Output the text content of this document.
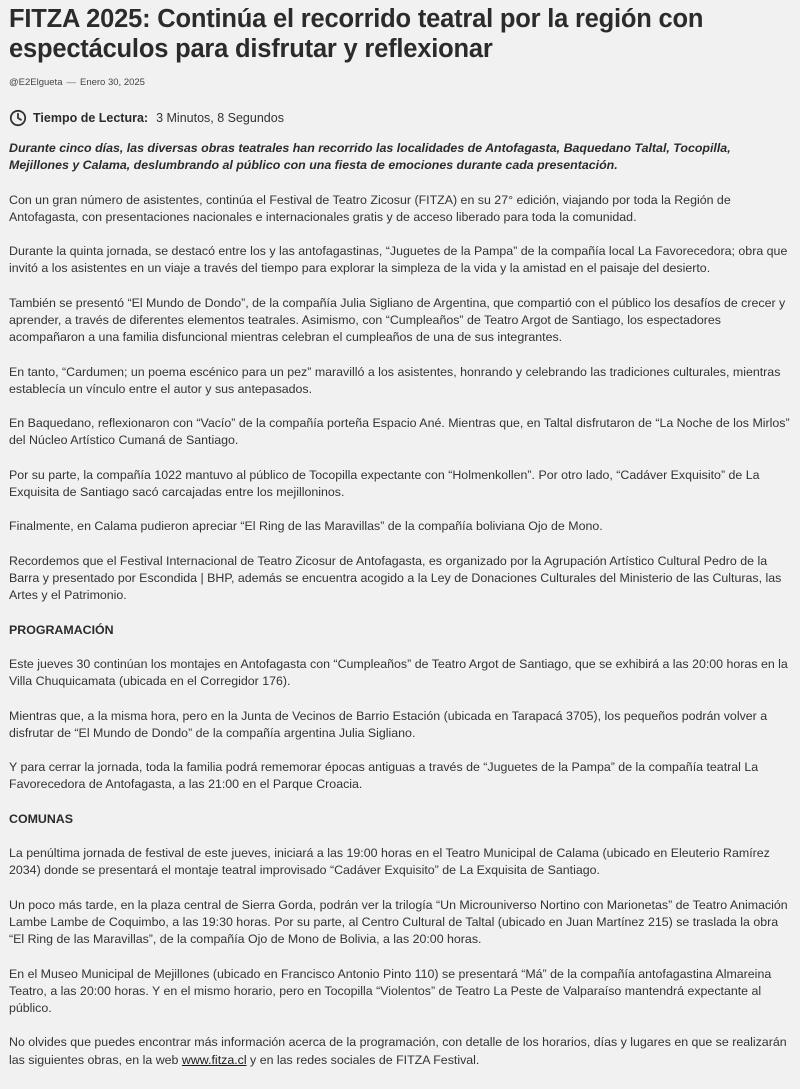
FITZA 2025: Continúa el recorrido teatral por la región con espectáculos para disfrutar y reflexionar
@E2Elgueta — Enero 30, 2025
Tiempo de Lectura: 3 Minutos, 8 Segundos

Durante cinco días, las diversas obras teatrales han recorrido las localidades de Antofagasta, Baquedano Taltal, Tocopilla, Mejillones y Calama, deslumbrando al público con una fiesta de emociones durante cada presentación.

Con un gran número de asistentes, continúa el Festival de Teatro Zicosur (FITZA) en su 27° edición, viajando por toda la Región de Antofagasta, con presentaciones nacionales e internacionales gratis y de acceso liberado para toda la comunidad.

Durante la quinta jornada, se destacó entre los y las antofagastinas, “Juguetes de la Pampa” de la compañía local La Favorecedora; obra que invitó a los asistentes en un viaje a través del tiempo para explorar la simpleza de la vida y la amistad en el paisaje del desierto.

También se presentó “El Mundo de Dondo”, de la compañía Julia Sigliano de Argentina, que compartió con el público los desafíos de crecer y aprender, a través de diferentes elementos teatrales. Asimismo, con “Cumpleaños” de Teatro Argot de Santiago, los espectadores acompañaron a una familia disfuncional mientras celebran el cumpleaños de una de sus integrantes.

En tanto, “Cardumen; un poema escénico para un pez” maravilló a los asistentes, honrando y celebrando las tradiciones culturales, mientras establecía un vínculo entre el autor y sus antepasados.

En Baquedano, reflexionaron con “Vacío” de la compañía porteña Espacio Ané. Mientras que, en Taltal disfrutaron de “La Noche de los Mirlos” del Núcleo Artístico Cumaná de Santiago.

Por su parte, la compañía 1022 mantuvo al público de Tocopilla expectante con “Holmenkollen”. Por otro lado, “Cadáver Exquisito” de La Exquisita de Santiago sacó carcajadas entre los mejilloninos.

Finalmente, en Calama pudieron apreciar “El Ring de las Maravillas” de la compañía boliviana Ojo de Mono.

Recordemos que el Festival Internacional de Teatro Zicosur de Antofagasta, es organizado por la Agrupación Artístico Cultural Pedro de la Barra y presentado por Escondida | BHP, además se encuentra acogido a la Ley de Donaciones Culturales del Ministerio de las Culturas, las Artes y el Patrimonio.

PROGRAMACIÓN

Este jueves 30 continúan los montajes en Antofagasta con “Cumpleaños” de Teatro Argot de Santiago, que se exhibirá a las 20:00 horas en la Villa Chuquicamata (ubicada en el Corregidor 176).

Mientras que, a la misma hora, pero en la Junta de Vecinos de Barrio Estación (ubicada en Tarapacá 3705), los pequeños podrán volver a disfrutar de “El Mundo de Dondo” de la compañía argentina Julia Sigliano.

Y para cerrar la jornada, toda la familia podrá rememorar épocas antiguas a través de “Juguetes de la Pampa” de la compañía teatral La Favorecedora de Antofagasta, a las 21:00 en el Parque Croacia.

COMUNAS

La penúltima jornada de festival de este jueves, iniciará a las 19:00 horas en el Teatro Municipal de Calama (ubicado en Eleuterio Ramírez 2034) donde se presentará el montaje teatral improvisado “Cadáver Exquisito” de La Exquisita de Santiago.

Un poco más tarde, en la plaza central de Sierra Gorda, podrán ver la trilogía “Un Microuniverso Nortino con Marionetas” de Teatro Animación Lambe Lambe de Coquimbo, a las 19:30 horas. Por su parte, al Centro Cultural de Taltal (ubicado en Juan Martínez 215) se traslada la obra “El Ring de las Maravillas”, de la compañía Ojo de Mono de Bolivia, a las 20:00 horas.

En el Museo Municipal de Mejillones (ubicado en Francisco Antonio Pinto 110) se presentará “Má” de la compañía antofagastina Almareina Teatro, a las 20:00 horas. Y en el mismo horario, pero en Tocopilla “Violentos” de Teatro La Peste de Valparaíso mantendrá expectante al público.

No olvides que puedes encontrar más información acerca de la programación, con detalle de los horarios, días y lugares en que se realizarán las siguientes obras, en la web www.fitza.cl y en las redes sociales de FITZA Festival.
